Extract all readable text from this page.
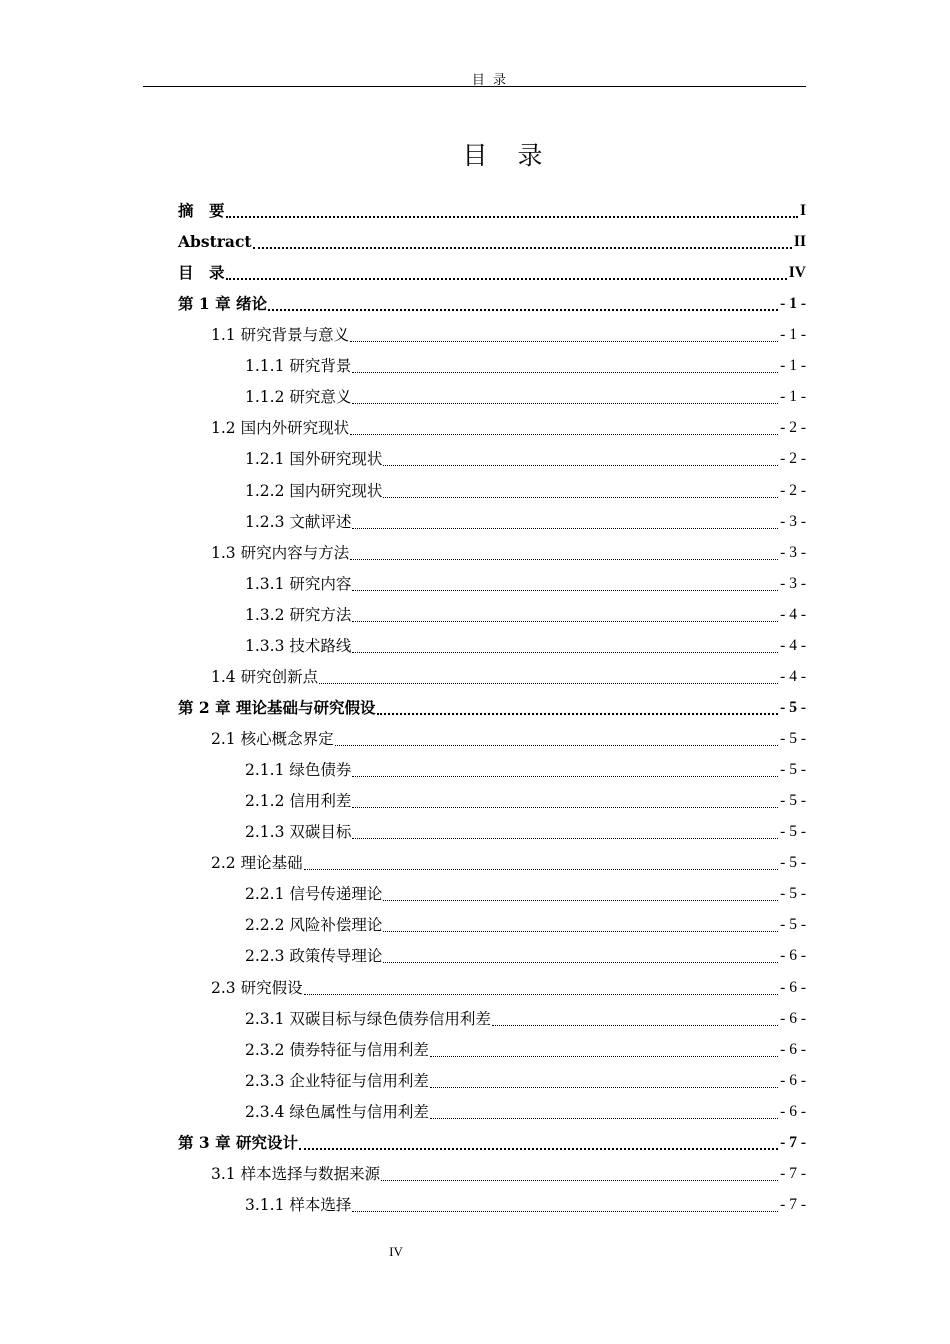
目 录
目 录
摘　要	I
Abstract	II
目　录	IV
第 1 章 绪论	- 1 -
1.1 研究背景与意义	- 1 -
1.1.1 研究背景	- 1 -
1.1.2 研究意义	- 1 -
1.2 国内外研究现状	- 2 -
1.2.1 国外研究现状	- 2 -
1.2.2 国内研究现状	- 2 -
1.2.3 文献评述	- 3 -
1.3 研究内容与方法	- 3 -
1.3.1 研究内容	- 3 -
1.3.2 研究方法	- 4 -
1.3.3 技术路线	- 4 -
1.4 研究创新点	- 4 -
第 2 章 理论基础与研究假设	- 5 -
2.1 核心概念界定	- 5 -
2.1.1 绿色债券	- 5 -
2.1.2 信用利差	- 5 -
2.1.3 双碳目标	- 5 -
2.2 理论基础	- 5 -
2.2.1 信号传递理论	- 5 -
2.2.2 风险补偿理论	- 5 -
2.2.3 政策传导理论	- 6 -
2.3 研究假设	- 6 -
2.3.1 双碳目标与绿色债券信用利差	- 6 -
2.3.2 债券特征与信用利差	- 6 -
2.3.3 企业特征与信用利差	- 6 -
2.3.4 绿色属性与信用利差	- 6 -
第 3 章 研究设计	- 7 -
3.1 样本选择与数据来源	- 7 -
3.1.1 样本选择	- 7 -
IV
